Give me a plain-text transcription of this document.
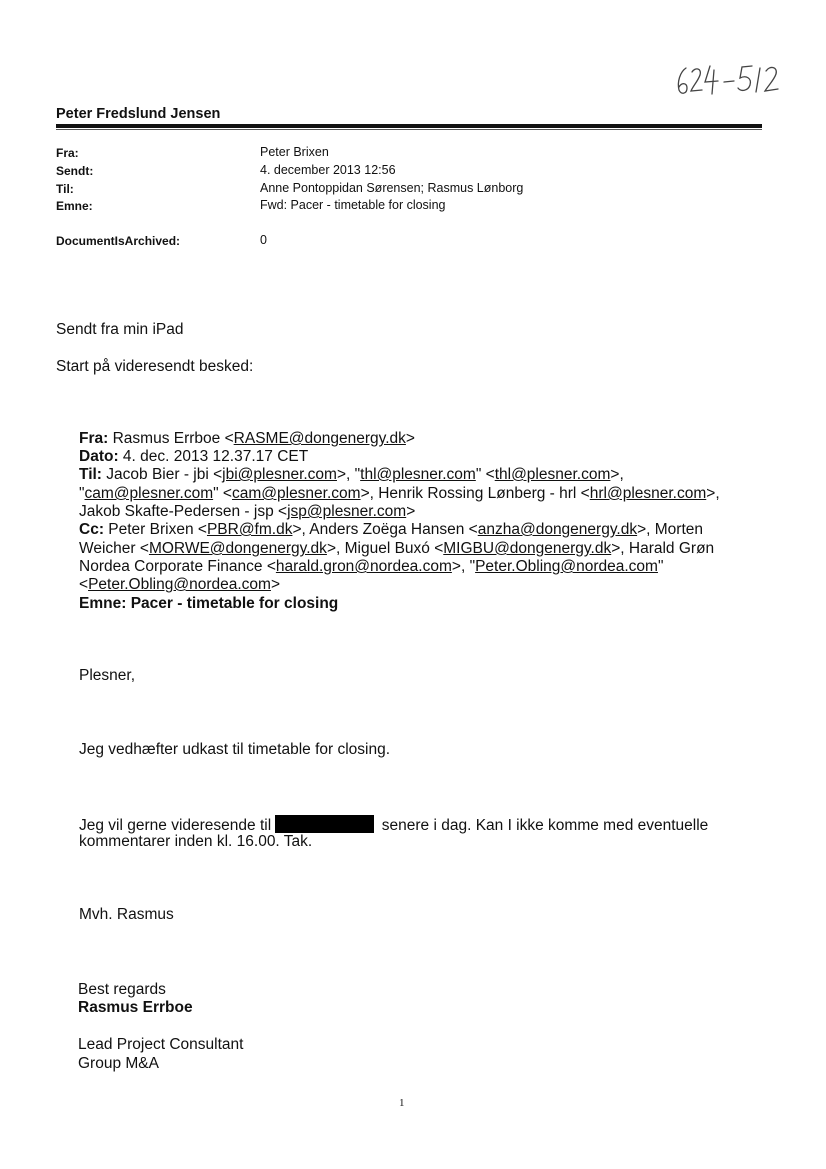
Peter Fredslund Jensen
Fra:	Peter Brixen
Sendt:	4. december 2013 12:56
Til:	Anne Pontoppidan Sørensen; Rasmus Lønborg
Emne:	Fwd: Pacer - timetable for closing
DocumentIsArchived:	0
Sendt fra min iPad
Start på videresendt besked:
Fra: Rasmus Errboe <RASME@dongenergy.dk>
Dato: 4. dec. 2013 12.37.17 CET
Til: Jacob Bier - jbi <jbi@plesner.com>, "thl@plesner.com" <thl@plesner.com>,
"cam@plesner.com" <cam@plesner.com>, Henrik Rossing Lønberg - hrl <hrl@plesner.com>,
Jakob Skafte-Pedersen - jsp <jsp@plesner.com>
Cc: Peter Brixen <PBR@fm.dk>, Anders Zoëga Hansen <anzha@dongenergy.dk>, Morten
Weicher <MORWE@dongenergy.dk>, Miguel Buxó <MIGBU@dongenergy.dk>, Harald Grøn
Nordea Corporate Finance <harald.gron@nordea.com>, "Peter.Obling@nordea.com"
<Peter.Obling@nordea.com>
Emne: Pacer - timetable for closing
Plesner,
Jeg vedhæfter udkast til timetable for closing.
Jeg vil gerne videresende til	senere i dag. Kan I ikke komme med eventuelle
kommentarer inden kl. 16.00. Tak.
Mvh. Rasmus
Best regards
Rasmus Errboe
Lead Project Consultant
Group M&A
1
